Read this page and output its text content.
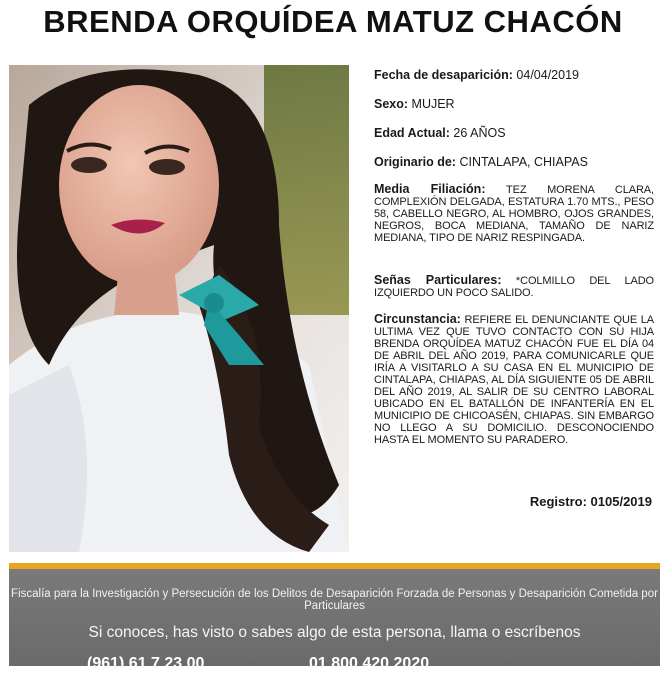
BRENDA ORQUÍDEA MATUZ CHACÓN
Fecha de desaparición: 04/04/2019
Sexo: MUJER
Edad Actual: 26 AÑOS
Originario de: CINTALAPA, CHIAPAS
Media Filiación: TEZ MORENA CLARA, COMPLEXIÓN DELGADA, ESTATURA 1.70 MTS., PESO 58, CABELLO NEGRO, AL HOMBRO, OJOS GRANDES, NEGROS, BOCA MEDIANA, TAMAÑO DE NARIZ MEDIANA, TIPO DE NARIZ RESPINGADA.
Señas Particulares: *COLMILLO DEL LADO IZQUIERDO UN POCO SALIDO.
Circunstancia: REFIERE EL DENUNCIANTE QUE LA ULTIMA VEZ QUE TUVO CONTACTO CON SU HIJA BRENDA ORQUÍDEA MATUZ CHACÓN FUE EL DÍA 04 DE ABRIL DEL AÑO 2019, PARA COMUNICARLE QUE IRÍA A VISITARLO A SU CASA EN EL MUNICIPIO DE CINTALAPA, CHIAPAS, AL DÍA SIGUIENTE 05 DE ABRIL DEL AÑO 2019, AL SALIR DE SU CENTRO LABORAL UBICADO EN EL BATALLÓN DE INFANTERÍA EN EL MUNICIPIO DE CHICOASÉN, CHIAPAS. SIN EMBARGO NO LLEGO A SU DOMICILIO. DESCONOCIENDO HASTA EL MOMENTO SU PARADERO.
Registro: 0105/2019
Fiscalía para la Investigación y Persecución de los Delitos de Desaparición Forzada de Personas y Desaparición Cometida por Particulares
Si conoces, has visto o sabes algo de esta persona, llama o escríbenos
(961) 61 7 23 00	01 800 420 2020
